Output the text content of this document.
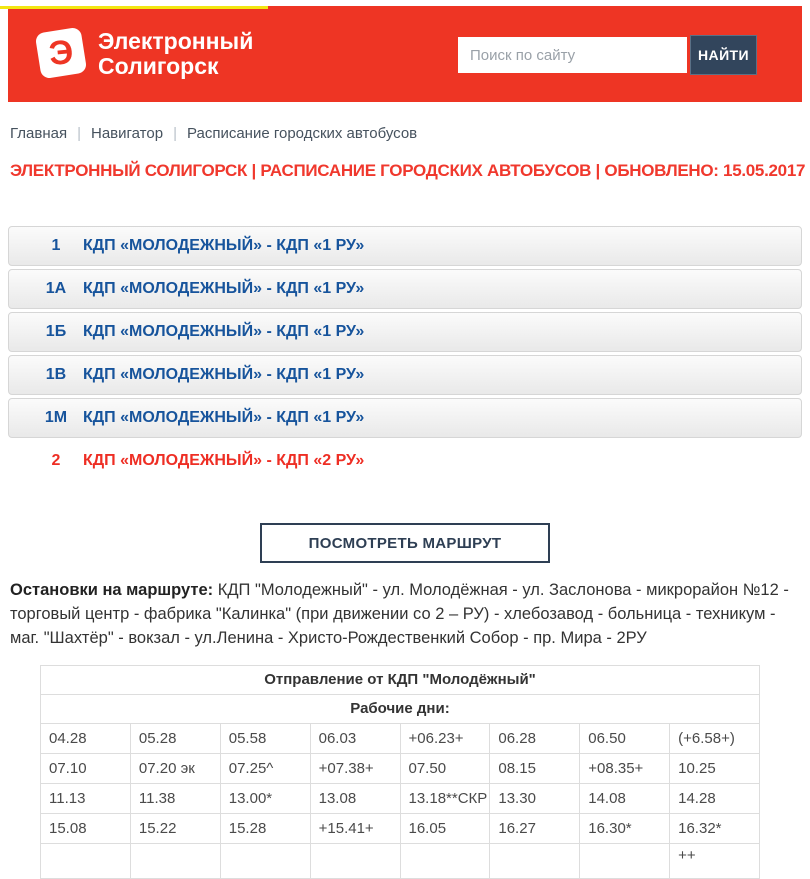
Э Электронный
Солигорск
Поиск по сайту	НАЙТИ
Главная | Навигатор | Расписание городских автобусов
ЭЛЕКТРОННЫЙ СОЛИГОРСК | РАСПИСАНИЕ ГОРОДСКИХ АВТОБУСОВ | ОБНОВЛЕНО: 15.05.2017
1	КДП «МОЛОДЕЖНЫЙ» - КДП «1 РУ»
1А	КДП «МОЛОДЕЖНЫЙ» - КДП «1 РУ»
1Б	КДП «МОЛОДЕЖНЫЙ» - КДП «1 РУ»
1В	КДП «МОЛОДЕЖНЫЙ» - КДП «1 РУ»
1М КДП «МОЛОДЕЖНЫЙ» - КДП «1 РУ»
2	КДП «МОЛОДЕЖНЫЙ» - КДП «2 РУ»
ПОСМОТРЕТЬ МАРШРУТ

Остановки на маршруте: КДП "Молодежный" - ул. Молодёжная - ул. Заслонова - микрорайон №12 - торговый центр - фабрика "Калинка" (при движении со 2 – РУ) - хлебозавод - больница - техникум - маг. "Шахтёр" - вокзал - ул.Ленина - Христо-Рождественкий Собор - пр. Мира - 2РУ

Отправление от КДП "Молодёжный"							
Рабочие дни:							
04.28	05.28	05.58	06.03	+06.23+	06.28	06.50	(+6.58+)
07.10	07.20 эк	07.25^	+07.38+	07.50	08.15	+08.35+	10.25
11.13	11.38	13.00*	13.08	13.18**СКР	13.30	14.08	14.28
15.08	15.22	15.28	+15.41+	16.05	16.27	16.30*	16.32*
							++
